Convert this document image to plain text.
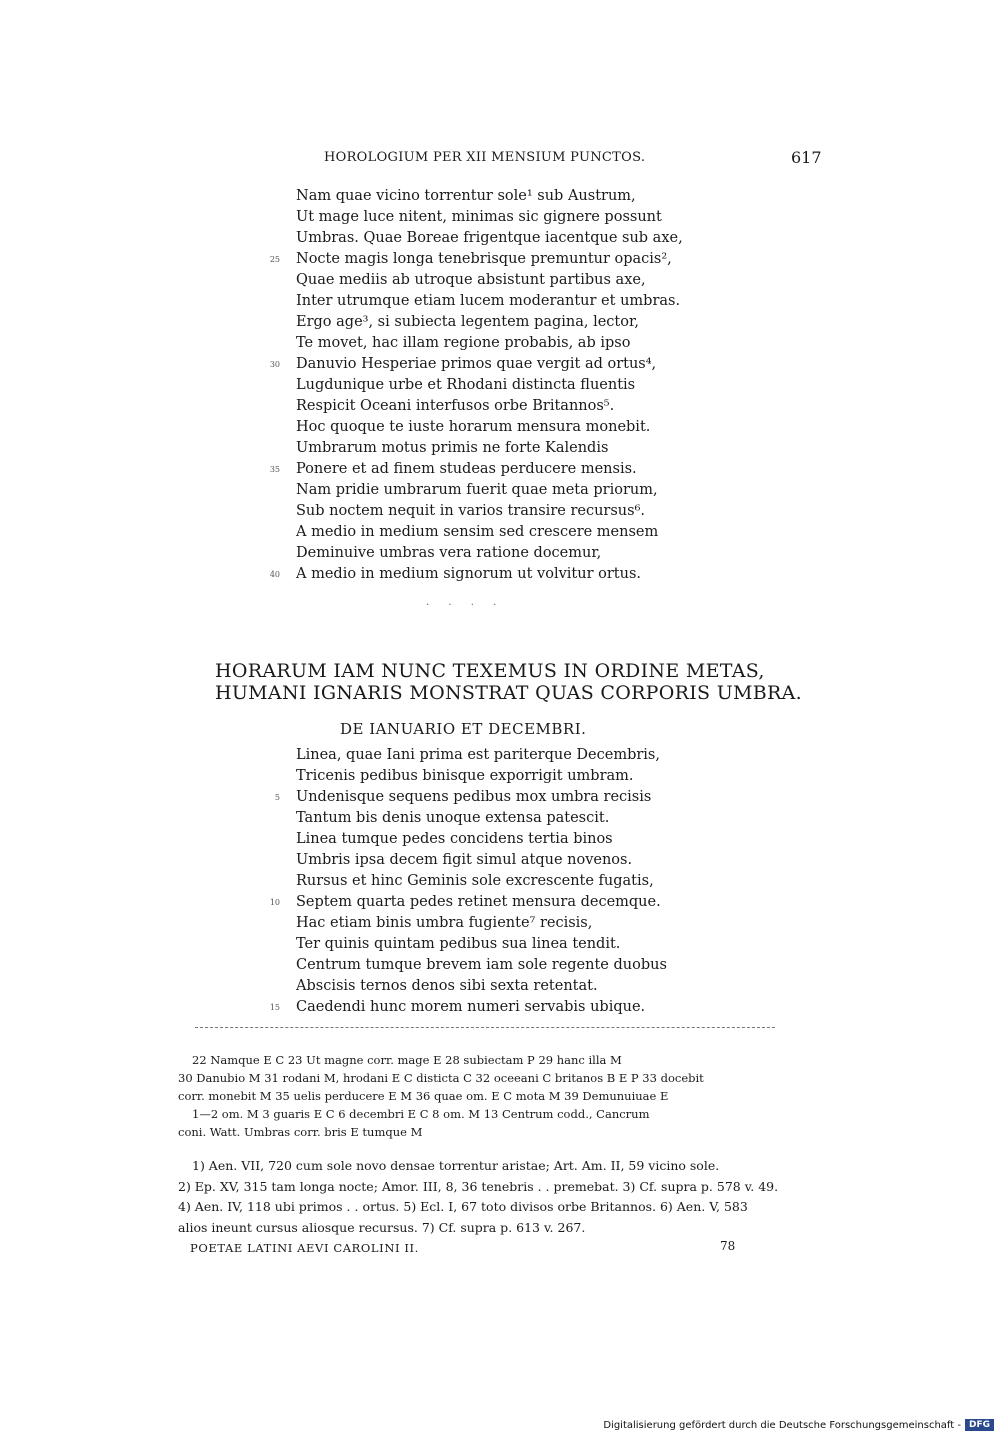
HOROLOGIUM PER XII MENSIUM PUNCTOS.	617
Nam quae vicino torrentur sole¹ sub Austrum,
Ut mage luce nitent, minimas sic gignere possunt
Umbras. Quae Boreae frigentque iacentque sub axe,
25 Nocte magis longa tenebrisque premuntur opacis²,
Quae mediis ab utroque absistunt partibus axe,
Inter utrumque etiam lucem moderantur et umbras.
Ergo age³, si subiecta legentem pagina, lector,
Te movet, hac illam regione probabis, ab ipso
30 Danuvio Hesperiae primos quae vergit ad ortus⁴,
Lugdunique urbe et Rhodani distincta fluentis
Respicit Oceani interfusos orbe Britannos⁵.
Hoc quoque te iuste horarum mensura monebit.
Umbrarum motus primis ne forte Kalendis
35 Ponere et ad finem studeas perducere mensis.
Nam pridie umbrarum fuerit quae meta priorum,
Sub noctem nequit in varios transire recursus⁶.
A medio in medium sensim sed crescere mensem
Deminuive umbras vera ratione docemur,
40 A medio in medium signorum ut volvitur ortus.
· · · ·
HORARUM IAM NUNC TEXEMUS IN ORDINE METAS,
HUMANI IGNARIS MONSTRAT QUAS CORPORIS UMBRA.
DE IANUARIO ET DECEMBRI.
Linea, quae Iani prima est pariterque Decembris,
Tricenis pedibus binisque exporrigit umbram.
5 Undenisque sequens pedibus mox umbra recisis
Tantum bis denis unoque extensa patescit.
Linea tumque pedes concidens tertia binos
Umbris ipsa decem figit simul atque novenos.
Rursus et hinc Geminis sole excrescente fugatis,
10 Septem quarta pedes retinet mensura decemque.
Hac etiam binis umbra fugiente⁷ recisis,
Ter quinis quintam pedibus sua linea tendit.
Centrum tumque brevem iam sole regente duobus
Abscisis ternos denos sibi sexta retentat.
15 Caedendi hunc morem numeri servabis ubique.
22 Namque E C 23 Ut magne corr. mage E 28 subiectam P 29 hanc illa M
30 Danubio M 31 rodani M, hrodani E C disticta C 32 oceeani C britanos B E P 33 docebit
corr. monebit M 35 uelis perducere E M 36 quae om. E C mota M 39 Demunuiuae E
1—2 om. M 3 guaris E C 6 decembri E C 8 om. M 13 Centrum codd., Cancrum
coni. Watt. Umbras corr. bris E tumque M
1) Aen. VII, 720 cum sole novo densae torrentur aristae; Art. Am. II, 59 vicino sole.
2) Ep. XV, 315 tam longa nocte; Amor. III, 8, 36 tenebris . . premebat. 3) Cf. supra p. 578 v. 49.
4) Aen. IV, 118 ubi primos . . ortus. 5) Ecl. I, 67 toto divisos orbe Britannos. 6) Aen. V, 583
alios ineunt cursus aliosque recursus. 7) Cf. supra p. 613 v. 267.
POETAE LATINI AEVI CAROLINI II.	78
Digitalisierung gefördert durch die Deutsche Forschungsgemeinschaft - DFG
